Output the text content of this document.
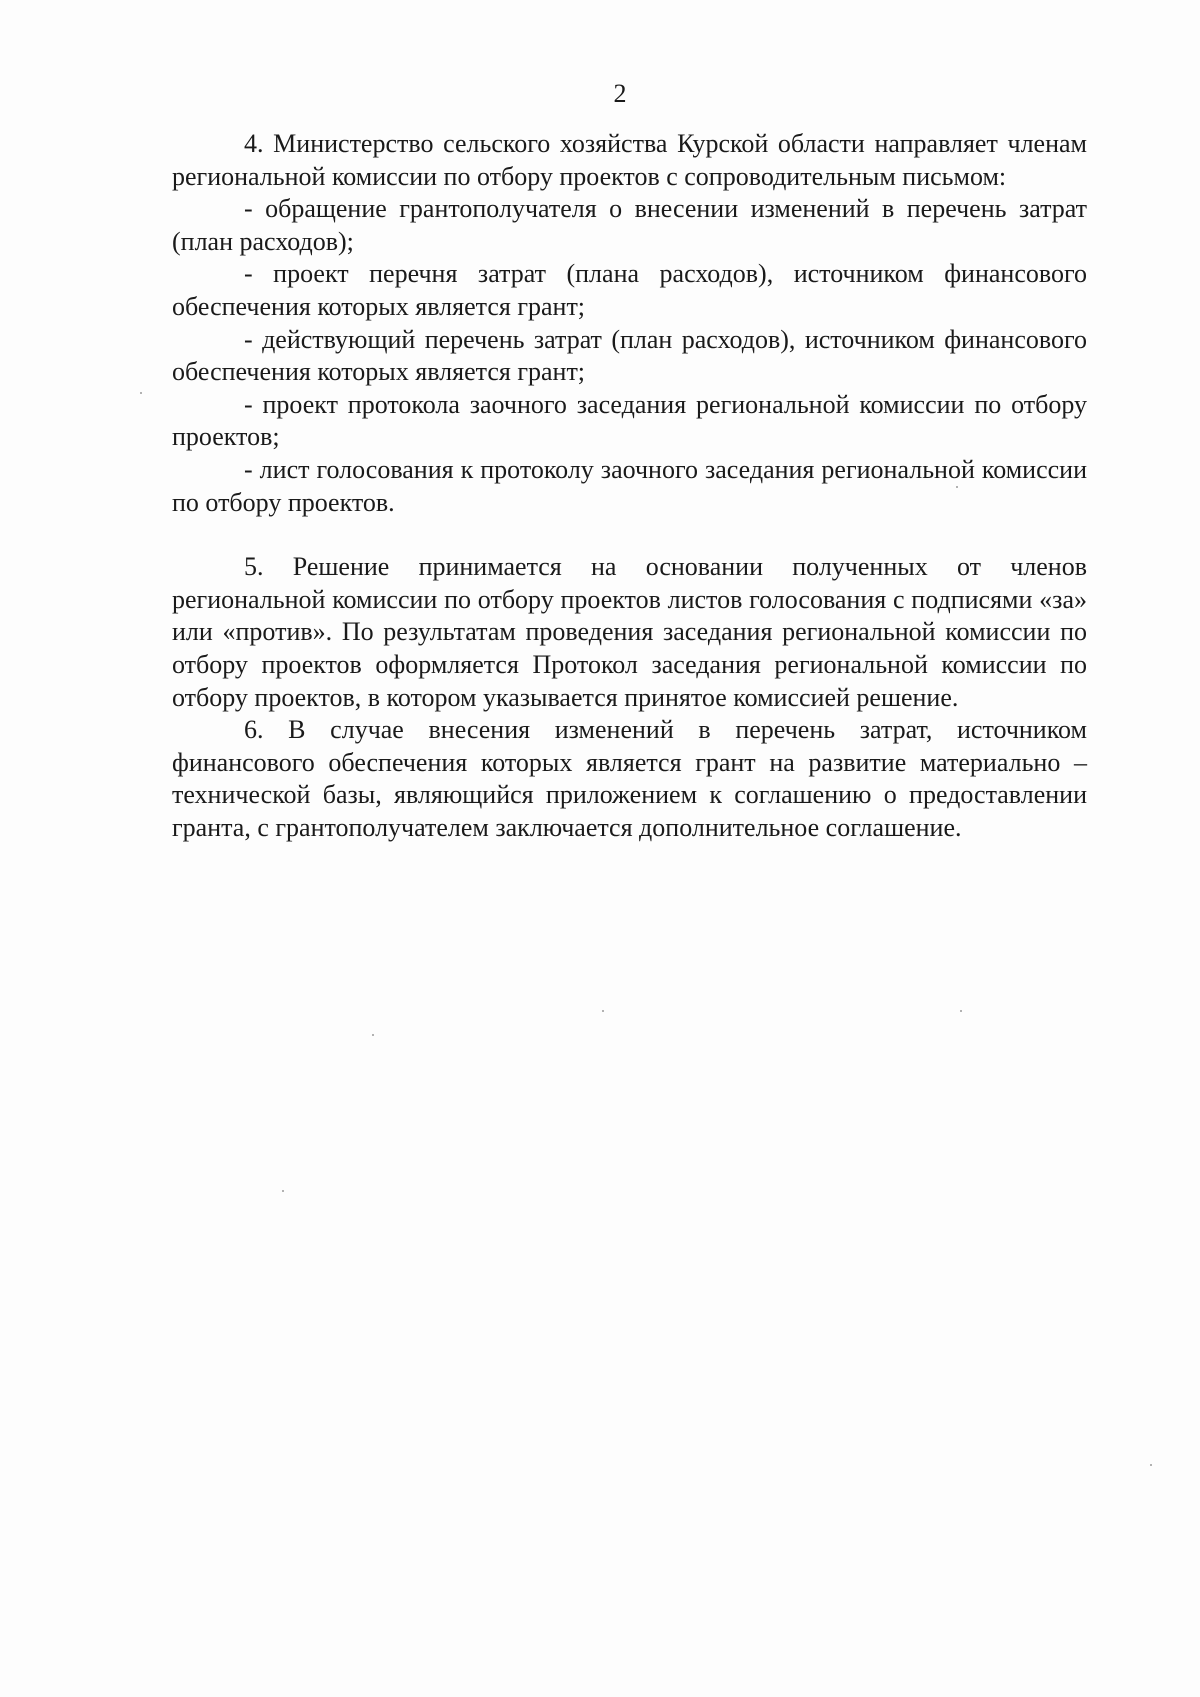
2

4. Министерство сельского хозяйства Курской области направляет членам региональной комиссии по отбору проектов с сопроводительным письмом:

- обращение грантополучателя о внесении изменений в перечень затрат (план расходов);

- проект перечня затрат (плана расходов), источником финансового обеспечения которых является грант;

- действующий перечень затрат (план расходов), источником финансового обеспечения которых является грант;

- проект протокола заочного заседания региональной комиссии по отбору проектов;

- лист голосования к протоколу заочного заседания региональной комиссии по отбору проектов.

5. Решение принимается на основании полученных от членов региональной комиссии по отбору проектов листов голосования с подписями «за» или «против». По результатам проведения заседания региональной комиссии по отбору проектов оформляется Протокол заседания региональной комиссии по отбору проектов, в котором указывается принятое комиссией решение.

6. В случае внесения изменений в перечень затрат, источником финансового обеспечения которых является грант на развитие материально – технической базы, являющийся приложением к соглашению о предоставлении гранта, с грантополучателем заключается дополнительное соглашение.
